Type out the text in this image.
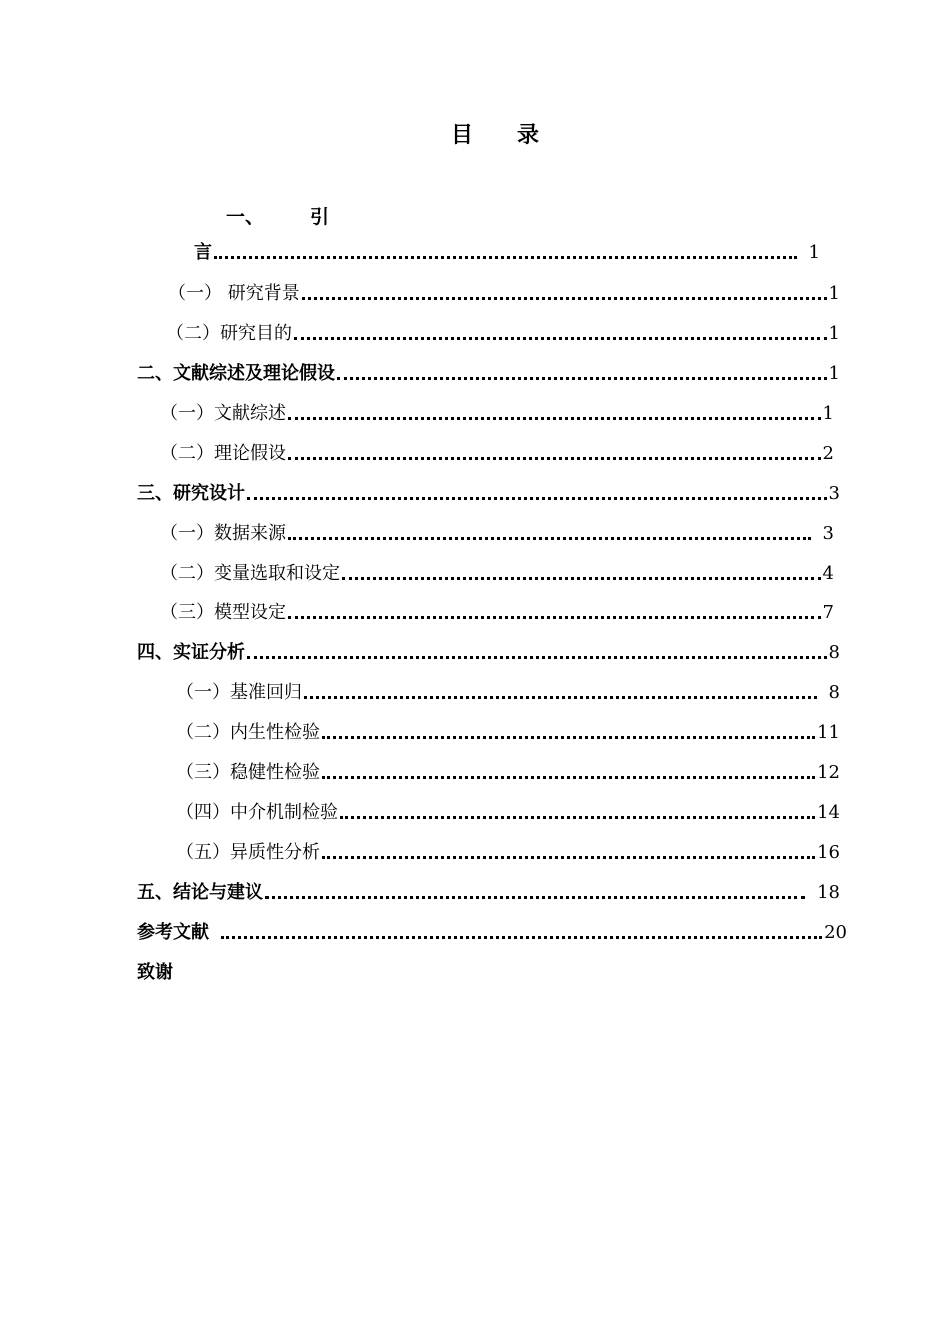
目 录
一、 引
言	1
（一） 研究背景	1
（二）研究目的	1
二、文献综述及理论假设	1
（一）文献综述	1
（二）理论假设	2
三、研究设计	3
（一）数据来源	3
（二）变量选取和设定	4
（三）模型设定	7
四、实证分析	8
（一）基准回归	8
（二）内生性检验	11
（三）稳健性检验	12
（四）中介机制检验	14
（五）异质性分析	16
五、结论与建议	18
参考文献	20
致谢
